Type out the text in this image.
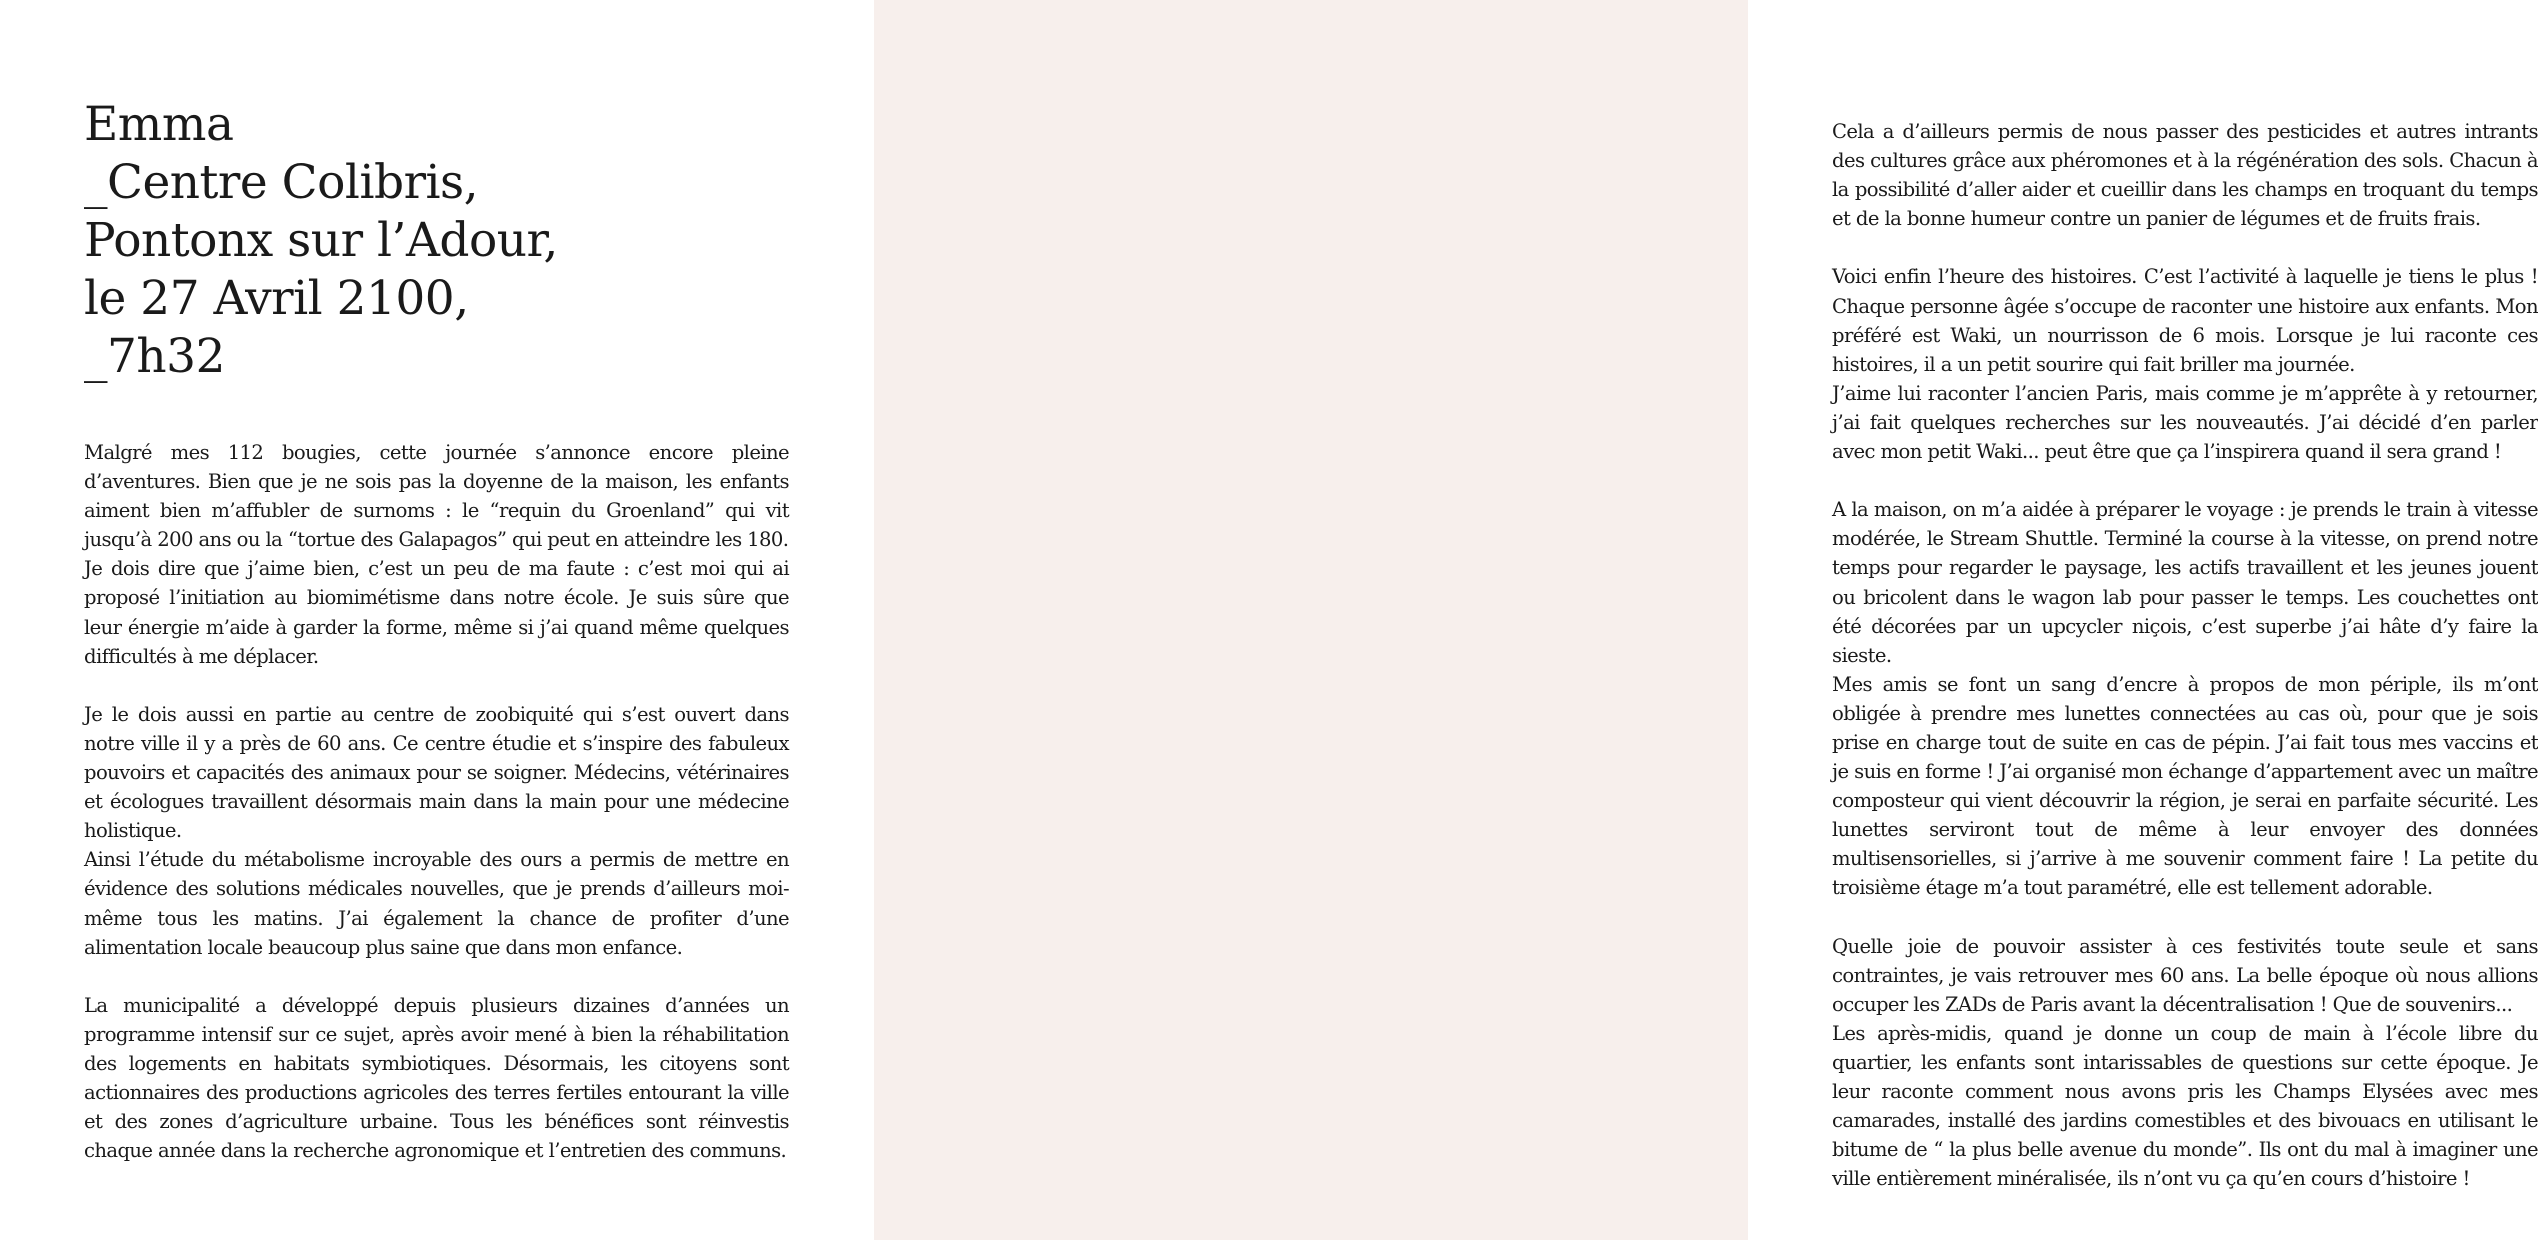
Emma
_Centre Colibris,
Pontonx sur l’Adour,
le 27 Avril 2100,
_7h32

Malgré mes 112 bougies, cette journée s’annonce encore pleine d’aventures. Bien que je ne sois pas la doyenne de la maison, les enfants aiment bien m’affubler de surnoms : le “requin du Groenland” qui vit jusqu’à 200 ans ou la “tortue des Galapagos” qui peut en atteindre les 180.

Je dois dire que j’aime bien, c’est un peu de ma faute : c’est moi qui ai proposé l’initiation au biomimétisme dans notre école. Je suis sûre que leur énergie m’aide à garder la forme, même si j’ai quand même quelques difficultés à me déplacer.

Je le dois aussi en partie au centre de zoobiquité qui s’est ouvert dans notre ville il y a près de 60 ans. Ce centre étudie et s’inspire des fabuleux pouvoirs et capacités des animaux pour se soigner. Médecins, vétérinaires et écologues travaillent désormais main dans la main pour une médecine holistique.

Ainsi l’étude du métabolisme incroyable des ours a permis de mettre en évidence des solutions médicales nouvelles, que je prends d’ailleurs moi-même tous les matins. J’ai également la chance de profiter d’une alimentation locale beaucoup plus saine que dans mon enfance.

La municipalité a développé depuis plusieurs dizaines d’années un programme intensif sur ce sujet, après avoir mené à bien la réhabilitation des logements en habitats symbiotiques. Désormais, les citoyens sont actionnaires des productions agricoles des terres fertiles entourant la ville et des zones d’agriculture urbaine. Tous les bénéfices sont réinvestis chaque année dans la recherche agronomique et l’entretien des communs.

Cela a d’ailleurs permis de nous passer des pesticides et autres intrants des cultures grâce aux phéromones et à la régénération des sols. Chacun à la possibilité d’aller aider et cueillir dans les champs en troquant du temps et de la bonne humeur contre un panier de légumes et de fruits frais.

Voici enfin l’heure des histoires. C’est l’activité à laquelle je tiens le plus ! Chaque personne âgée s’occupe de raconter une histoire aux enfants. Mon préféré est Waki, un nourrisson de 6 mois. Lorsque je lui raconte ces histoires, il a un petit sourire qui fait briller ma journée.

J’aime lui raconter l’ancien Paris, mais comme je m’apprête à y retourner, j’ai fait quelques recherches sur les nouveautés. J’ai décidé d’en parler avec mon petit Waki... peut être que ça l’inspirera quand il sera grand !

A la maison, on m’a aidée à préparer le voyage : je prends le train à vitesse modérée, le Stream Shuttle. Terminé la course à la vitesse, on prend notre temps pour regarder le paysage, les actifs travaillent et les jeunes jouent ou bricolent dans le wagon lab pour passer le temps. Les couchettes ont été décorées par un upcycler niçois, c’est superbe j’ai hâte d’y faire la sieste.

Mes amis se font un sang d’encre à propos de mon périple, ils m’ont obligée à prendre mes lunettes connectées au cas où, pour que je sois prise en charge tout de suite en cas de pépin. J’ai fait tous mes vaccins et je suis en forme ! J’ai organisé mon échange d’appartement avec un maître composteur qui vient découvrir la région, je serai en parfaite sécurité. Les lunettes serviront tout de même à leur envoyer des données multisensorielles, si j’arrive à me souvenir comment faire ! La petite du troisième étage m’a tout paramétré, elle est tellement adorable.

Quelle joie de pouvoir assister à ces festivités toute seule et sans contraintes, je vais retrouver mes 60 ans. La belle époque où nous allions occuper les ZADs de Paris avant la décentralisation ! Que de souvenirs...

Les après-midis, quand je donne un coup de main à l’école libre du quartier, les enfants sont intarissables de questions sur cette époque. Je leur raconte comment nous avons pris les Champs Elysées avec mes camarades, installé des jardins comestibles et des bivouacs en utilisant le bitume de “ la plus belle avenue du monde”. Ils ont du mal à imaginer une ville entièrement minéralisée, ils n’ont vu ça qu’en cours d’histoire !
